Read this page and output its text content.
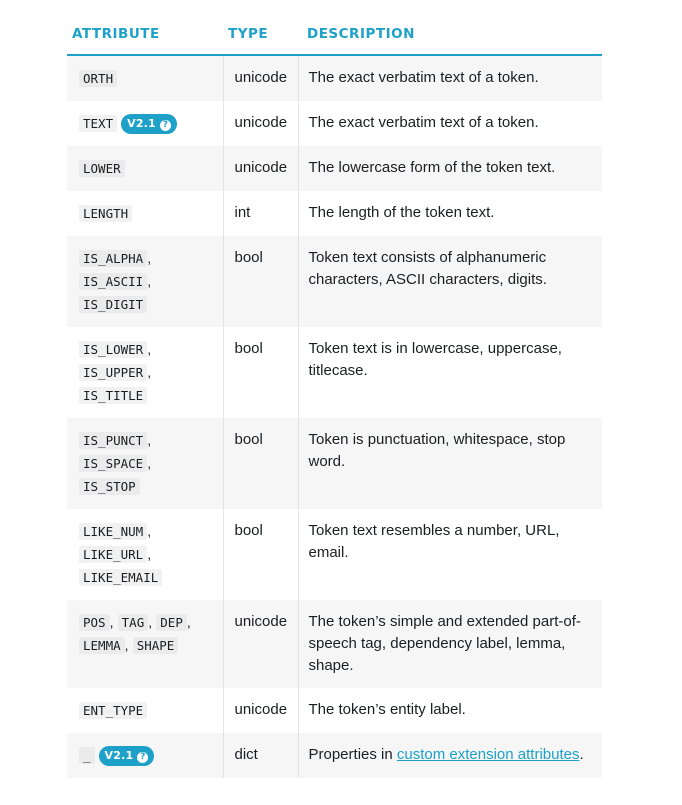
ATTRIBUTE	TYPE	DESCRIPTION
ORTH	unicode	The exact verbatim text of a token.
TEXT V2.1 ?	unicode	The exact verbatim text of a token.
LOWER	unicode	The lowercase form of the token text.
LENGTH	int	The length of the token text.
IS_ALPHA ,
IS_ASCII ,
IS_DIGIT	bool	Token text consists of alphanumeric characters, ASCII characters, digits.
IS_LOWER ,
IS_UPPER ,
IS_TITLE	bool	Token text is in lowercase, uppercase, titlecase.
IS_PUNCT ,
IS_SPACE ,
IS_STOP	bool	Token is punctuation, whitespace, stop word.
LIKE_NUM ,
LIKE_URL ,
LIKE_EMAIL	bool	Token text resembles a number, URL, email.
POS , TAG , DEP ,
LEMMA , SHAPE	unicode	The token’s simple and extended part-of-speech tag, dependency label, lemma, shape.
ENT_TYPE	unicode	The token’s entity label.
_ V2.1 ?	dict	Properties in custom extension attributes.
